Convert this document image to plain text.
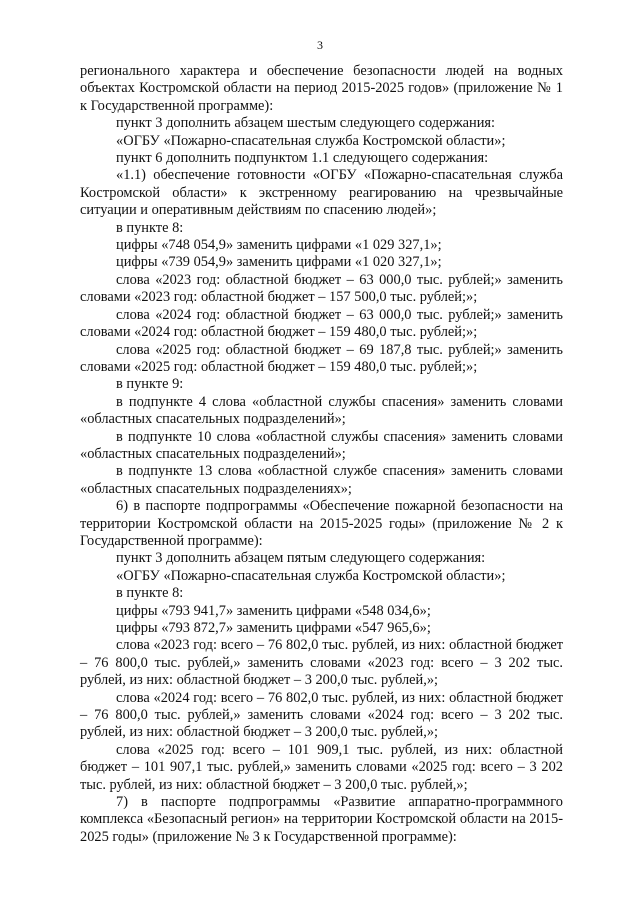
3

регионального характера и обеспечение безопасности людей на водных объектах Костромской области на период 2015-2025 годов» (приложение № 1 к Государственной программе):

пункт 3 дополнить абзацем шестым следующего содержания:

«ОГБУ «Пожарно-спасательная служба Костромской области»;

пункт 6 дополнить подпунктом 1.1 следующего содержания:

«1.1) обеспечение готовности «ОГБУ «Пожарно-спасательная служба Костромской области» к экстренному реагированию на чрезвычайные ситуации и оперативным действиям по спасению людей»;

в пункте 8:

цифры «748 054,9» заменить цифрами «1 029 327,1»;

цифры «739 054,9» заменить цифрами «1 020 327,1»;

слова «2023 год: областной бюджет – 63 000,0 тыс. рублей;» заменить словами «2023 год: областной бюджет – 157 500,0 тыс. рублей;»;

слова «2024 год: областной бюджет – 63 000,0 тыс. рублей;» заменить словами «2024 год: областной бюджет – 159 480,0 тыс. рублей;»;

слова «2025 год: областной бюджет – 69 187,8 тыс. рублей;» заменить словами «2025 год: областной бюджет – 159 480,0 тыс. рублей;»;

в пункте 9:

в подпункте 4 слова «областной службы спасения» заменить словами «областных спасательных подразделений»;

в подпункте 10 слова «областной службы спасения» заменить словами «областных спасательных подразделений»;

в подпункте 13 слова «областной службе спасения» заменить словами «областных спасательных подразделениях»;

6) в паспорте подпрограммы «Обеспечение пожарной безопасности на территории Костромской области на 2015-2025 годы» (приложение № 2 к Государственной программе):

пункт 3 дополнить абзацем пятым следующего содержания:

«ОГБУ «Пожарно-спасательная служба Костромской области»;

в пункте 8:

цифры «793 941,7» заменить цифрами «548 034,6»;

цифры «793 872,7» заменить цифрами «547 965,6»;

слова «2023 год: всего – 76 802,0 тыс. рублей, из них: областной бюджет – 76 800,0 тыс. рублей,» заменить словами «2023 год: всего – 3 202 тыс. рублей, из них: областной бюджет – 3 200,0 тыс. рублей,»;

слова «2024 год: всего – 76 802,0 тыс. рублей, из них: областной бюджет – 76 800,0 тыс. рублей,» заменить словами «2024 год: всего – 3 202 тыс. рублей, из них: областной бюджет – 3 200,0 тыс. рублей,»;

слова «2025 год: всего – 101 909,1 тыс. рублей, из них: областной бюджет – 101 907,1 тыс. рублей,» заменить словами «2025 год: всего – 3 202 тыс. рублей, из них: областной бюджет – 3 200,0 тыс. рублей,»;

7) в паспорте подпрограммы «Развитие аппаратно-программного комплекса «Безопасный регион» на территории Костромской области на 2015-2025 годы» (приложение № 3 к Государственной программе):
